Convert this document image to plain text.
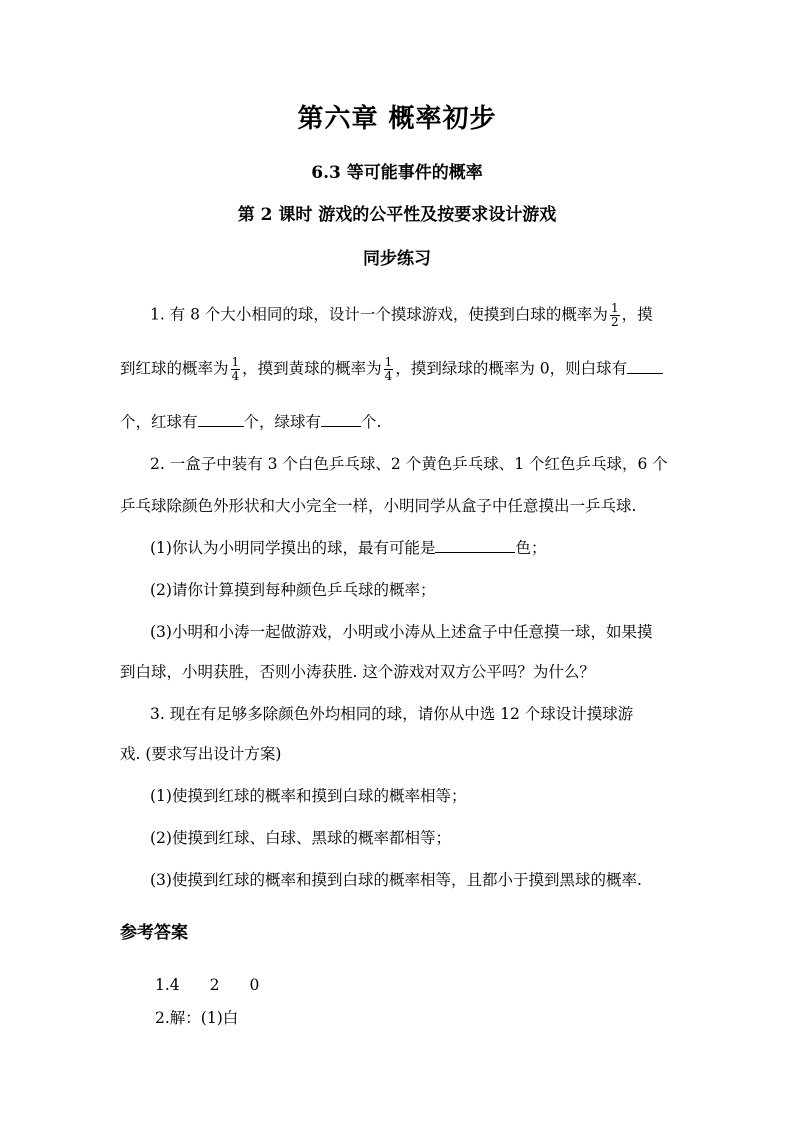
第六章 概率初步
6.3 等可能事件的概率
第 2 课时 游戏的公平性及按要求设计游戏
同步练习
1. 有 8 个大小相同的球，设计一个摸球游戏，使摸到白球的概率为 $\frac{1}{2}$ ，摸
到红球的概率为 $\frac{1}{4}$ ，摸到黄球的概率为 $\frac{1}{4}$ ，摸到绿球的概率为 0，则白球有
个，红球有	个，绿球有	个.
2. 一盒子中装有 3 个白色乒乓球、2 个黄色乒乓球、1 个红色乒乓球，6 个
乒乓球除颜色外形状和大小完全一样，小明同学从盒子中任意摸出一乒乓球.
(1)你认为小明同学摸出的球，最有可能是	色；
(2)请你计算摸到每种颜色乒乓球的概率；
(3)小明和小涛一起做游戏，小明或小涛从上述盒子中任意摸一球，如果摸
到白球，小明获胜，否则小涛获胜. 这个游戏对双方公平吗？为什么？
3. 现在有足够多除颜色外均相同的球，请你从中选 12 个球设计摸球游
戏. (要求写出设计方案)
(1)使摸到红球的概率和摸到白球的概率相等；
(2)使摸到红球、白球、黑球的概率都相等；
(3)使摸到红球的概率和摸到白球的概率相等，且都小于摸到黑球的概率.
参考答案
1.4 2 0
2.解：(1)白
